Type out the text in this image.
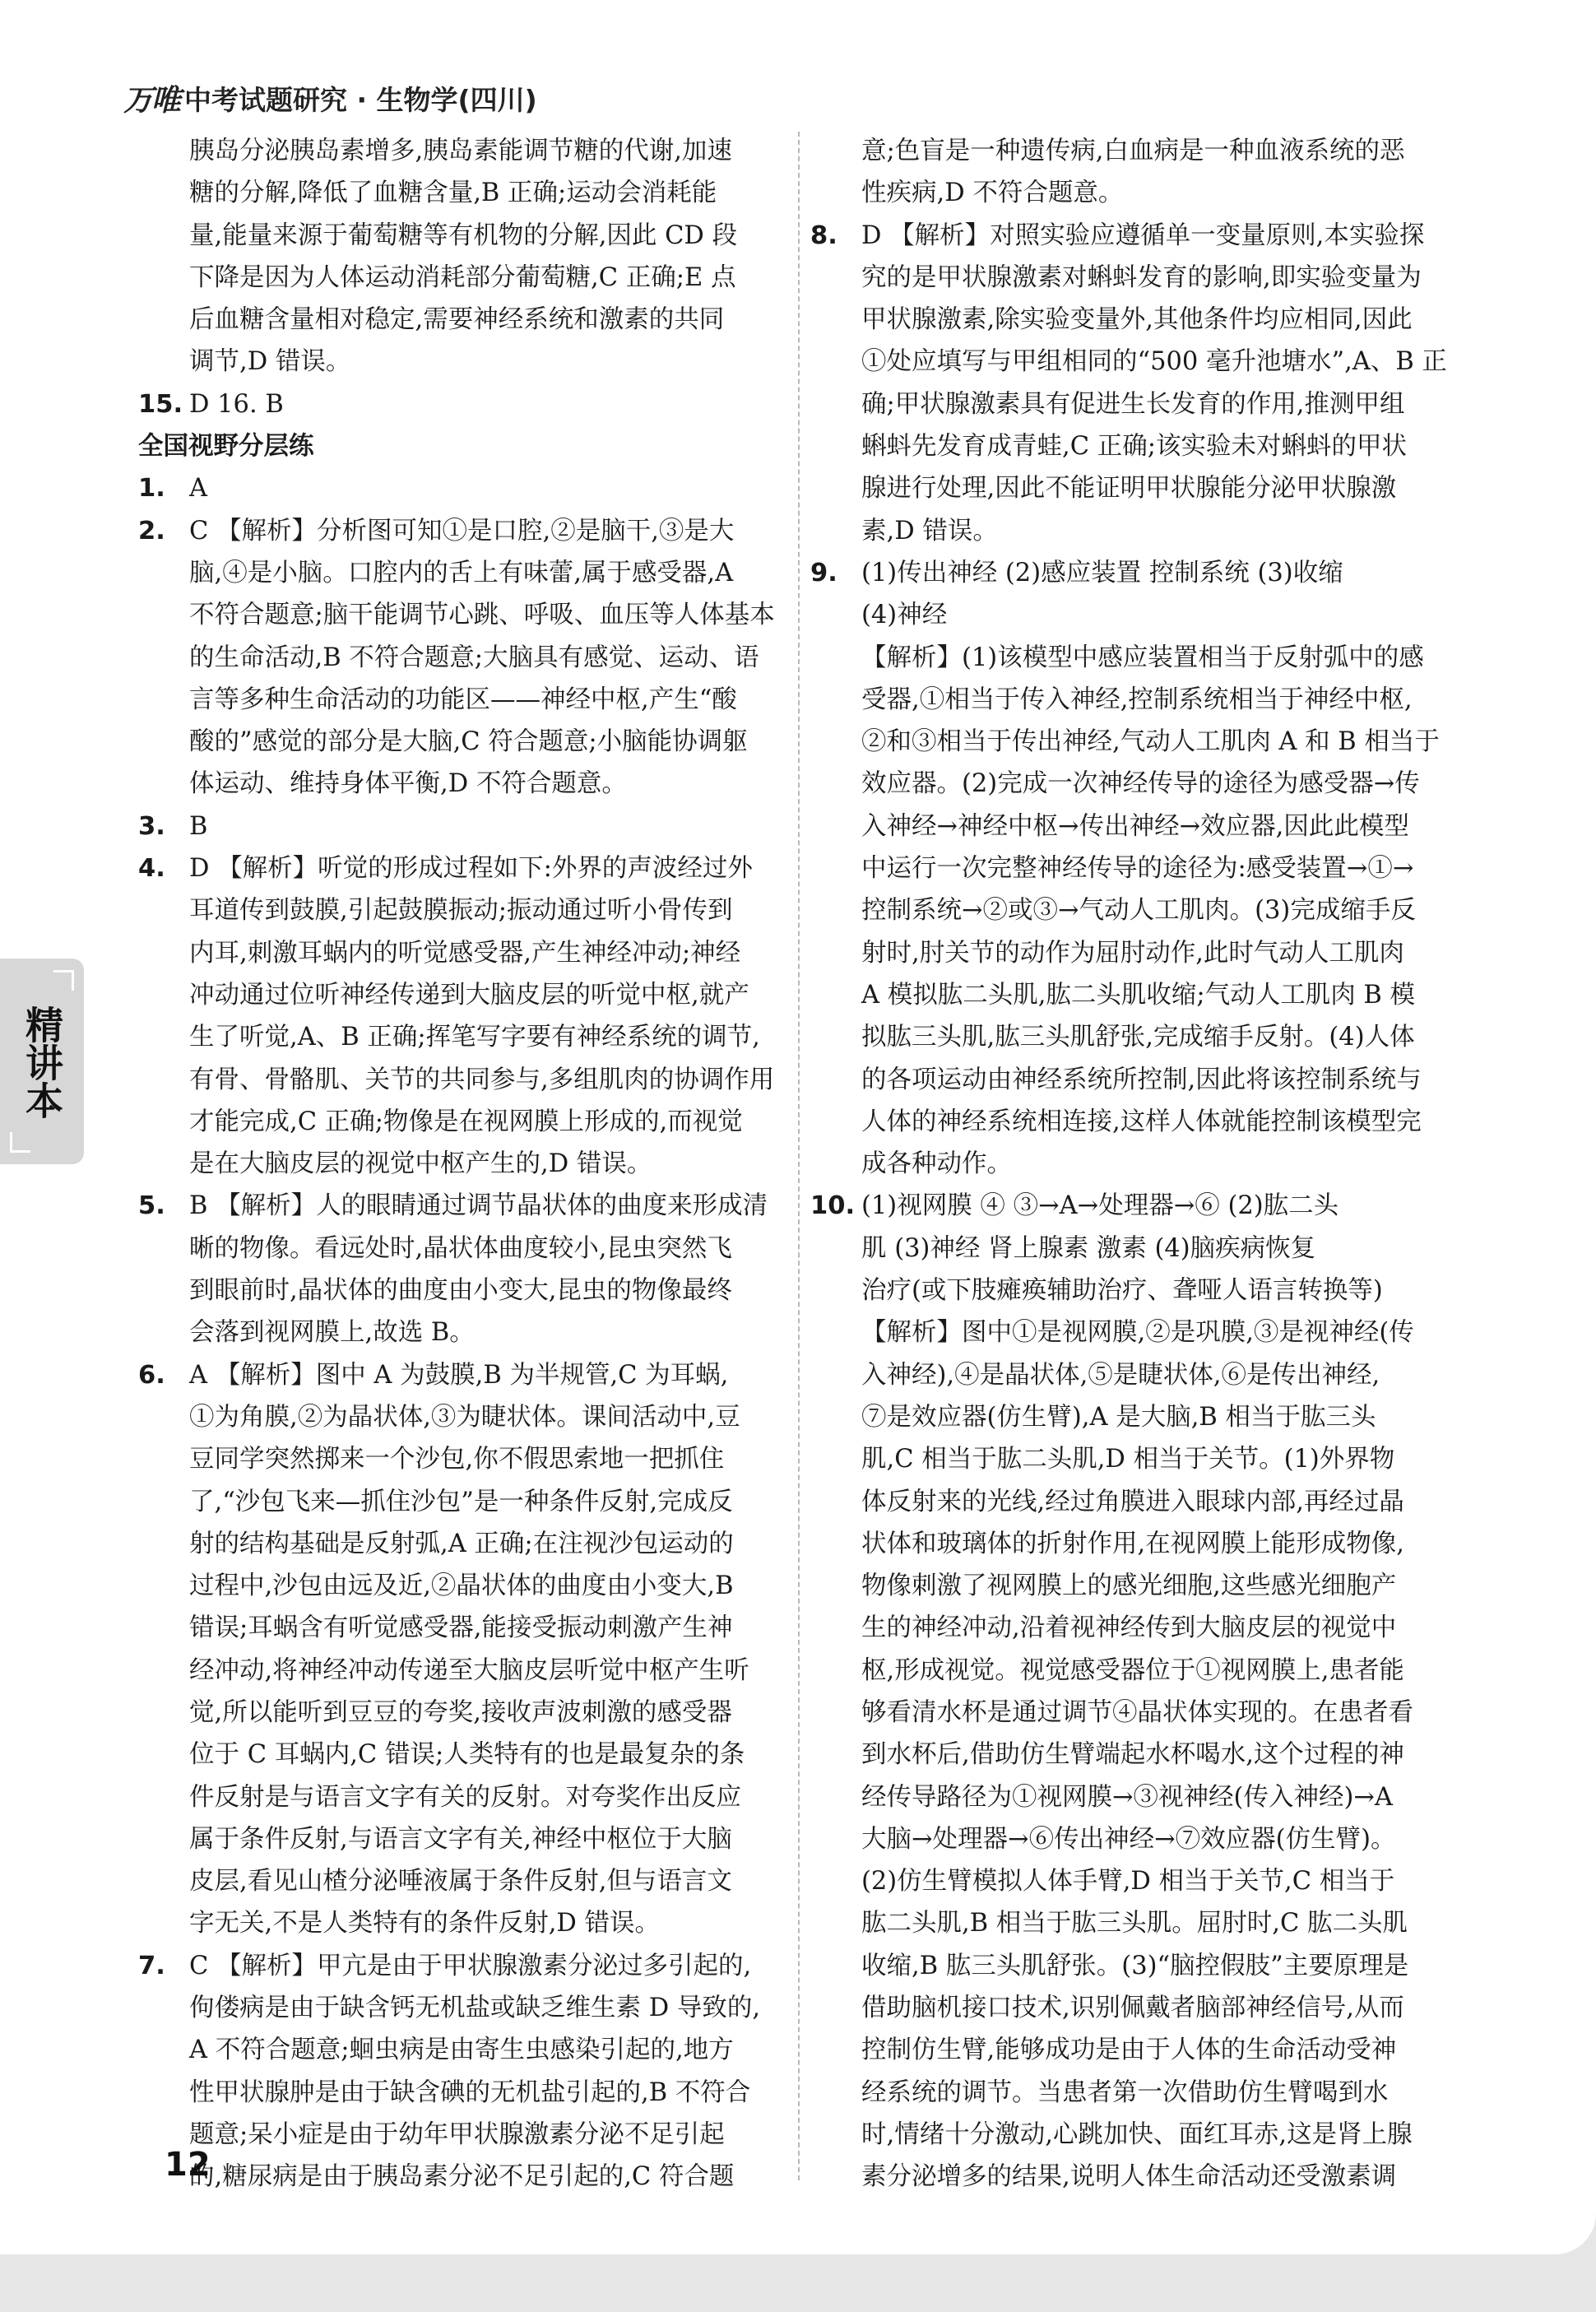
万唯 中考试题研究 · 生物学(四川)
精讲本
胰岛分泌胰岛素增多,胰岛素能调节糖的代谢,加速
糖的分解,降低了血糖含量,B 正确;运动会消耗能
量,能量来源于葡萄糖等有机物的分解,因此 CD 段
下降是因为人体运动消耗部分葡萄糖,C 正确;E 点
后血糖含量相对稳定,需要神经系统和激素的共同
调节,D 错误。
15. D 16. B
全国视野分层练
1. A
2. C 【解析】分析图可知①是口腔,②是脑干,③是大
脑,④是小脑。口腔内的舌上有味蕾,属于感受器,A
不符合题意;脑干能调节心跳、呼吸、血压等人体基本
的生命活动,B 不符合题意;大脑具有感觉、运动、语
言等多种生命活动的功能区——神经中枢,产生“酸
酸的”感觉的部分是大脑,C 符合题意;小脑能协调躯
体运动、维持身体平衡,D 不符合题意。
3. B
4. D 【解析】听觉的形成过程如下:外界的声波经过外
耳道传到鼓膜,引起鼓膜振动;振动通过听小骨传到
内耳,刺激耳蜗内的听觉感受器,产生神经冲动;神经
冲动通过位听神经传递到大脑皮层的听觉中枢,就产
生了听觉,A、B 正确;挥笔写字要有神经系统的调节,
有骨、骨骼肌、关节的共同参与,多组肌肉的协调作用
才能完成,C 正确;物像是在视网膜上形成的,而视觉
是在大脑皮层的视觉中枢产生的,D 错误。
5. B 【解析】人的眼睛通过调节晶状体的曲度来形成清
晰的物像。看远处时,晶状体曲度较小,昆虫突然飞
到眼前时,晶状体的曲度由小变大,昆虫的物像最终
会落到视网膜上,故选 B。
6. A 【解析】图中 A 为鼓膜,B 为半规管,C 为耳蜗,
①为角膜,②为晶状体,③为睫状体。课间活动中,豆
豆同学突然掷来一个沙包,你不假思索地一把抓住
了,“沙包飞来—抓住沙包”是一种条件反射,完成反
射的结构基础是反射弧,A 正确;在注视沙包运动的
过程中,沙包由远及近,②晶状体的曲度由小变大,B
错误;耳蜗含有听觉感受器,能接受振动刺激产生神
经冲动,将神经冲动传递至大脑皮层听觉中枢产生听
觉,所以能听到豆豆的夸奖,接收声波刺激的感受器
位于 C 耳蜗内,C 错误;人类特有的也是最复杂的条
件反射是与语言文字有关的反射。对夸奖作出反应
属于条件反射,与语言文字有关,神经中枢位于大脑
皮层,看见山楂分泌唾液属于条件反射,但与语言文
字无关,不是人类特有的条件反射,D 错误。
7. C 【解析】甲亢是由于甲状腺激素分泌过多引起的,
佝偻病是由于缺含钙无机盐或缺乏维生素 D 导致的,
A 不符合题意;蛔虫病是由寄生虫感染引起的,地方
性甲状腺肿是由于缺含碘的无机盐引起的,B 不符合
题意;呆小症是由于幼年甲状腺激素分泌不足引起
的,糖尿病是由于胰岛素分泌不足引起的,C 符合题
意;色盲是一种遗传病,白血病是一种血液系统的恶
性疾病,D 不符合题意。
8. D 【解析】对照实验应遵循单一变量原则,本实验探
究的是甲状腺激素对蝌蚪发育的影响,即实验变量为
甲状腺激素,除实验变量外,其他条件均应相同,因此
①处应填写与甲组相同的“500 毫升池塘水”,A、B 正
确;甲状腺激素具有促进生长发育的作用,推测甲组
蝌蚪先发育成青蛙,C 正确;该实验未对蝌蚪的甲状
腺进行处理,因此不能证明甲状腺能分泌甲状腺激
素,D 错误。
9. (1)传出神经 (2)感应装置 控制系统 (3)收缩
(4)神经
【解析】(1)该模型中感应装置相当于反射弧中的感
受器,①相当于传入神经,控制系统相当于神经中枢,
②和③相当于传出神经,气动人工肌肉 A 和 B 相当于
效应器。(2)完成一次神经传导的途径为感受器→传
入神经→神经中枢→传出神经→效应器,因此此模型
中运行一次完整神经传导的途径为:感受装置→①→
控制系统→②或③→气动人工肌肉。(3)完成缩手反
射时,肘关节的动作为屈肘动作,此时气动人工肌肉
A 模拟肱二头肌,肱二头肌收缩;气动人工肌肉 B 模
拟肱三头肌,肱三头肌舒张,完成缩手反射。(4)人体
的各项运动由神经系统所控制,因此将该控制系统与
人体的神经系统相连接,这样人体就能控制该模型完
成各种动作。
10. (1)视网膜 ④ ③→A→处理器→⑥ (2)肱二头
肌 (3)神经 肾上腺素 激素 (4)脑疾病恢复
治疗(或下肢瘫痪辅助治疗、聋哑人语言转换等)
【解析】图中①是视网膜,②是巩膜,③是视神经(传
入神经),④是晶状体,⑤是睫状体,⑥是传出神经,
⑦是效应器(仿生臂),A 是大脑,B 相当于肱三头
肌,C 相当于肱二头肌,D 相当于关节。(1)外界物
体反射来的光线,经过角膜进入眼球内部,再经过晶
状体和玻璃体的折射作用,在视网膜上能形成物像,
物像刺激了视网膜上的感光细胞,这些感光细胞产
生的神经冲动,沿着视神经传到大脑皮层的视觉中
枢,形成视觉。视觉感受器位于①视网膜上,患者能
够看清水杯是通过调节④晶状体实现的。在患者看
到水杯后,借助仿生臂端起水杯喝水,这个过程的神
经传导路径为①视网膜→③视神经(传入神经)→A
大脑→处理器→⑥传出神经→⑦效应器(仿生臂)。
(2)仿生臂模拟人体手臂,D 相当于关节,C 相当于
肱二头肌,B 相当于肱三头肌。屈肘时,C 肱二头肌
收缩,B 肱三头肌舒张。(3)“脑控假肢”主要原理是
借助脑机接口技术,识别佩戴者脑部神经信号,从而
控制仿生臂,能够成功是由于人体的生命活动受神
经系统的调节。当患者第一次借助仿生臂喝到水
时,情绪十分激动,心跳加快、面红耳赤,这是肾上腺
素分泌增多的结果,说明人体生命活动还受激素调
12
